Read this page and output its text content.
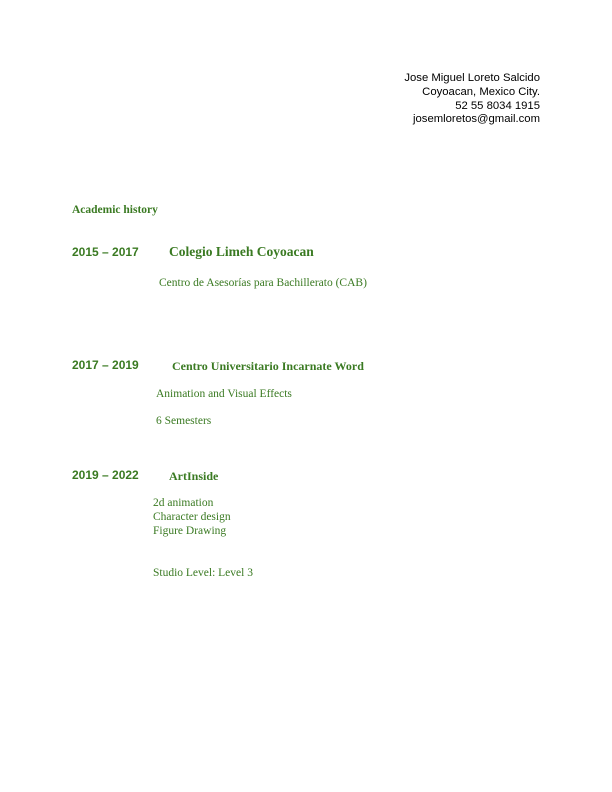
Jose Miguel Loreto Salcido
Coyoacan, Mexico City.
52 55 8034 1915
josemloretos@gmail.com
Academic history
2015 – 2017 Colegio Limeh Coyoacan
Centro de Asesorías para Bachillerato (CAB)
2017 – 2019	Centro Universitario Incarnate Word
Animation and Visual Effects
6 Semesters
2019 – 2022	ArtInside
2d animation
Character design
Figure Drawing
Studio Level: Level 3
